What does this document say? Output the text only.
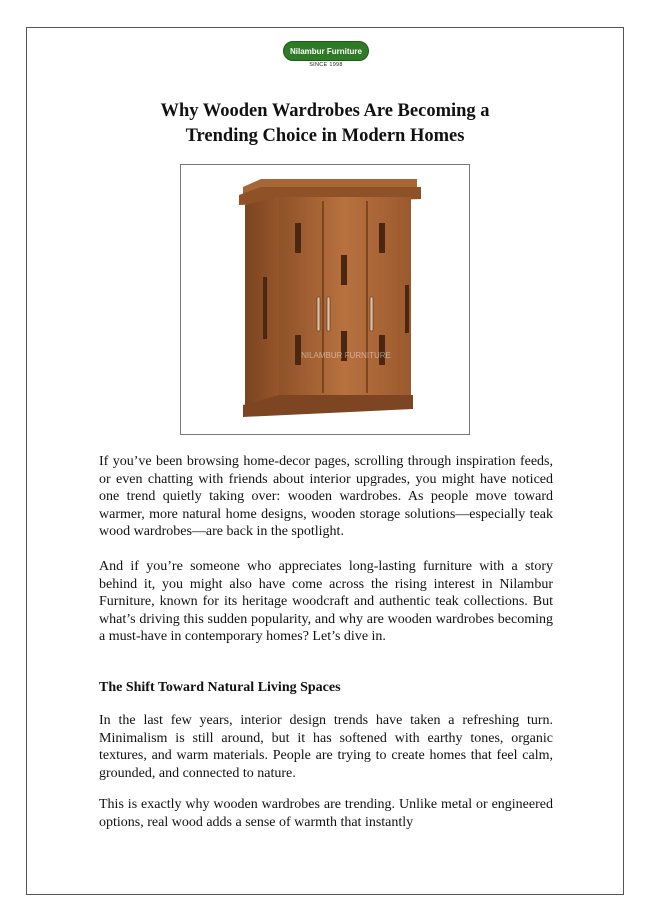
Nilambur Furniture
SINCE 1998
Why Wooden Wardrobes Are Becoming a
Trending Choice in Modern Homes
NILAMBUR FURNITURE

If you’ve been browsing home-decor pages, scrolling through inspiration feeds, or even chatting with friends about interior upgrades, you might have noticed one trend quietly taking over: wooden wardrobes. As people move toward warmer, more natural home designs, wooden storage solutions—especially teak wood wardrobes—are back in the spotlight.

And if you’re someone who appreciates long-lasting furniture with a story behind it, you might also have come across the rising interest in Nilambur Furniture, known for its heritage woodcraft and authentic teak collections. But what’s driving this sudden popularity, and why are wooden wardrobes becoming a must-have in contemporary homes? Let’s dive in.

The Shift Toward Natural Living Spaces

In the last few years, interior design trends have taken a refreshing turn. Minimalism is still around, but it has softened with earthy tones, organic textures, and warm materials. People are trying to create homes that feel calm, grounded, and connected to nature.

This is exactly why wooden wardrobes are trending. Unlike metal or engineered options, real wood adds a sense of warmth that instantly
